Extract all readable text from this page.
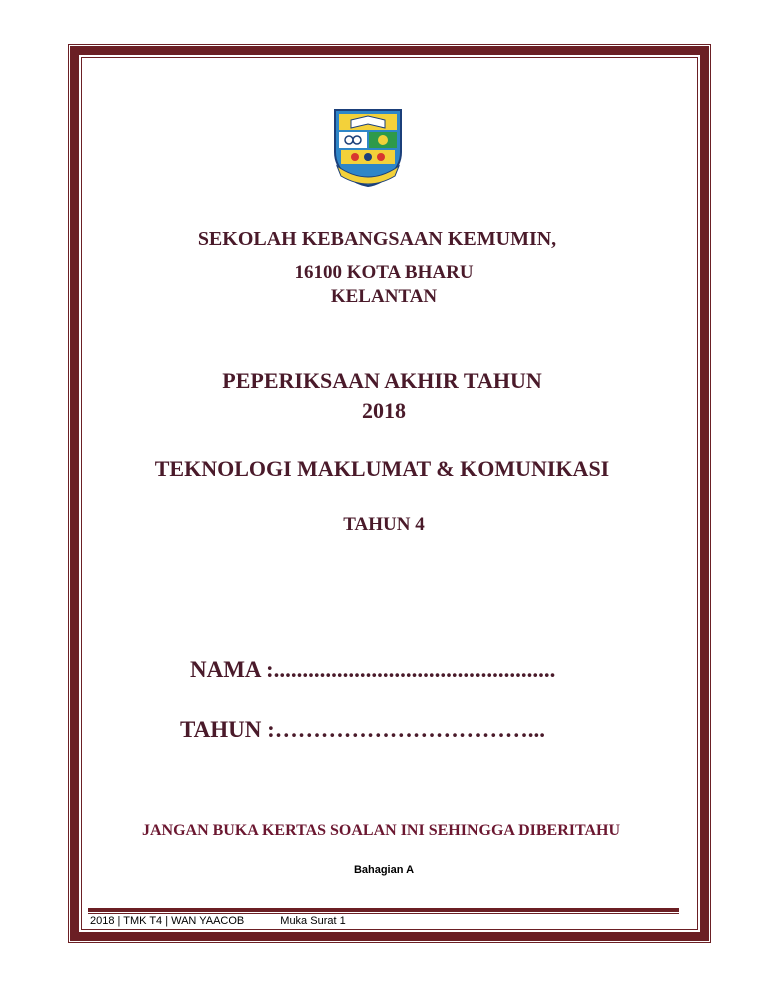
SEKOLAH KEBANGSAAN KEMUMIN,
16100 KOTA BHARU
KELANTAN
PEPERIKSAAN AKHIR TAHUN
2018
TEKNOLOGI MAKLUMAT & KOMUNIKASI
TAHUN 4
NAMA :.................................................
TAHUN :……………………………...
JANGAN BUKA KERTAS SOALAN INI SEHINGGA DIBERITAHU
Bahagian A
2018 | TMK T4 | WAN YAACOB	Muka Surat 1
